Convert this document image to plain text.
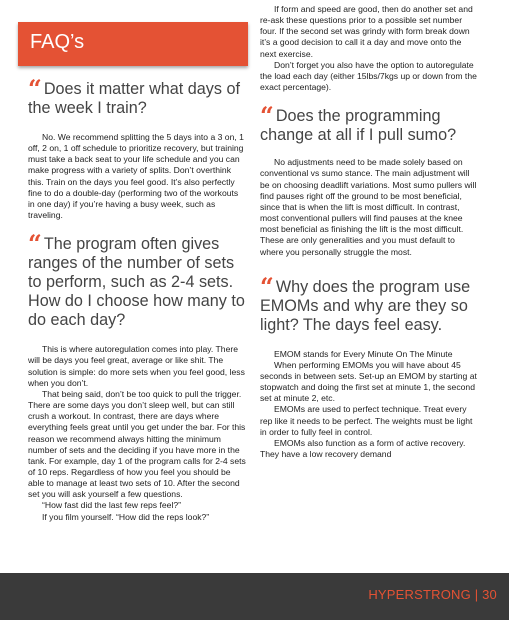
FAQ’s
“ Does it matter what days of the week I train?

No. We recommend splitting the 5 days into a 3 on, 1 off, 2 on, 1 off schedule to prioritize recovery, but training must take a back seat to your life schedule and you can make progress with a variety of splits. Don’t overthink this. Train on the days you feel good. It’s also perfectly fine to do a double-day (performing two of the workouts in one day) if you’re having a busy week, such as traveling.

“ The program often gives ranges of the number of sets to perform, such as 2-4 sets. How do I choose how many to do each day?

This is where autoregulation comes into play. There will be days you feel great, average or like shit. The solution is simple: do more sets when you feel good, less when you don’t.

That being said, don’t be too quick to pull the trigger. There are some days you don’t sleep well, but can still crush a workout. In contrast, there are days where everything feels great until you get under the bar. For this reason we recommend always hitting the minimum number of sets and the deciding if you have more in the tank. For example, day 1 of the program calls for 2-4 sets of 10 reps. Regardless of how you feel you should be able to manage at least two sets of 10. After the second set you will ask yourself a few questions.

“How fast did the last few reps feel?”

If you film yourself. “How did the reps look?”

If form and speed are good, then do another set and re-ask these questions prior to a possible set number four. If the second set was grindy with form break down it’s a good decision to call it a day and move onto the next exercise.

Don’t forget you also have the option to autoregulate the load each day (either 15lbs/7kgs up or down from the exact percentage).

“ Does the programming change at all if I pull sumo?

No adjustments need to be made solely based on conventional vs sumo stance. The main adjustment will be on choosing deadlift variations. Most sumo pullers will find pauses right off the ground to be most beneficial, since that is when the lift is most difficult. In contrast, most conventional pullers will find pauses at the knee most beneficial as finishing the lift is the most difficult. These are only generalities and you must default to where you personally struggle the most.

“ Why does the program use EMOMs and why are they so light? The days feel easy.

EMOM stands for Every Minute On The Minute

When performing EMOMs you will have about 45 seconds in between sets. Set-up an EMOM by starting at stopwatch and doing the first set at minute 1, the second set at minute 2, etc.

EMOMs are used to perfect technique. Treat every rep like it needs to be perfect. The weights must be light in order to fully feel in control.

EMOMs also function as a form of active recovery. They have a low recovery demand

HYPERSTRONG | 30
